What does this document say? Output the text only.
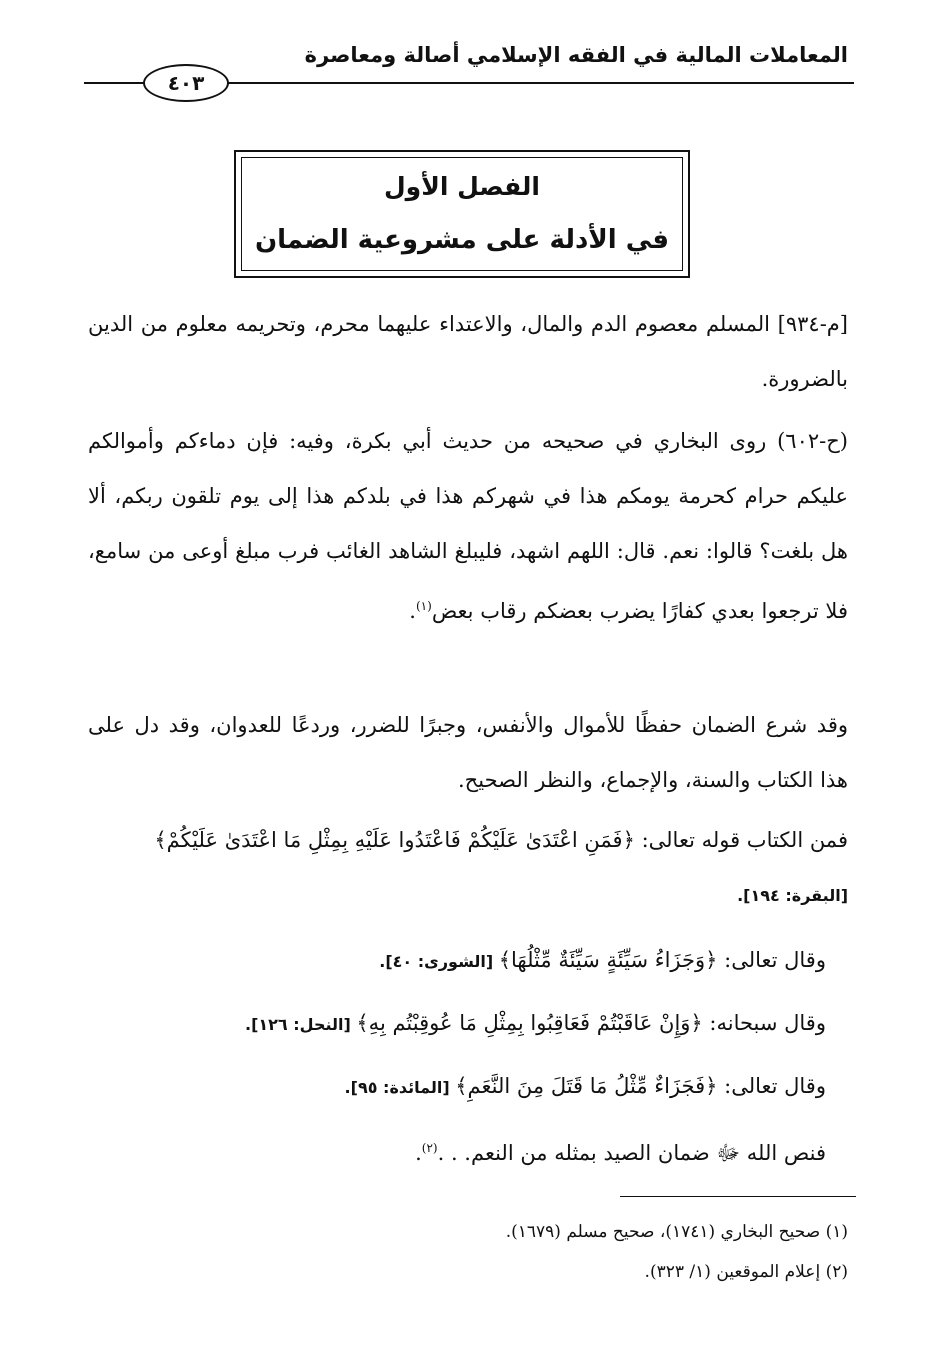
المعاملات المالية في الفقه الإسلامي أصالة ومعاصرة
٤٠٣
الفصل الأول
في الأدلة على مشروعية الضمان
[م-٩٣٤] المسلم معصوم الدم والمال، والاعتداء عليهما محرم، وتحريمه معلوم من الدين بالضرورة.
(ح-٦٠٢) روى البخاري في صحيحه من حديث أبي بكرة، وفيه: فإن دماءكم وأموالكم عليكم حرام كحرمة يومكم هذا في شهركم هذا في بلدكم هذا إلى يوم تلقون ربكم، ألا هل بلغت؟ قالوا: نعم. قال: اللهم اشهد، فليبلغ الشاهد الغائب فرب مبلغ أوعى من سامع، فلا ترجعوا بعدي كفارًا يضرب بعضكم رقاب بعض$^{(١)}$.
وقد شرع الضمان حفظًا للأموال والأنفس، وجبرًا للضرر، وردعًا للعدوان، وقد دل على هذا الكتاب والسنة، والإجماع، والنظر الصحيح.
فمن الكتاب قوله تعالى: ﴿فَمَنِ اعْتَدَىٰ عَلَيْكُمْ فَاعْتَدُوا عَلَيْهِ بِمِثْلِ مَا اعْتَدَىٰ عَلَيْكُمْ﴾
[البقرة: ١٩٤].
وقال تعالى: ﴿وَجَزَاءُ سَيِّئَةٍ سَيِّئَةٌ مِّثْلُهَا﴾ [الشورى: ٤٠].
وقال سبحانه: ﴿وَإِنْ عَاقَبْتُمْ فَعَاقِبُوا بِمِثْلِ مَا عُوقِبْتُم بِهِ﴾ [النحل: ١٢٦].
وقال تعالى: ﴿فَجَزَاءٌ مِّثْلُ مَا قَتَلَ مِنَ النَّعَمِ﴾ [المائدة: ٩٥].
فنص الله ﷻ ضمان الصيد بمثله من النعم. . .$^{(٢)}$.
(١) صحيح البخاري (١٧٤١)، صحيح مسلم (١٦٧٩).
(٢) إعلام الموقعين (١/ ٣٢٣).
